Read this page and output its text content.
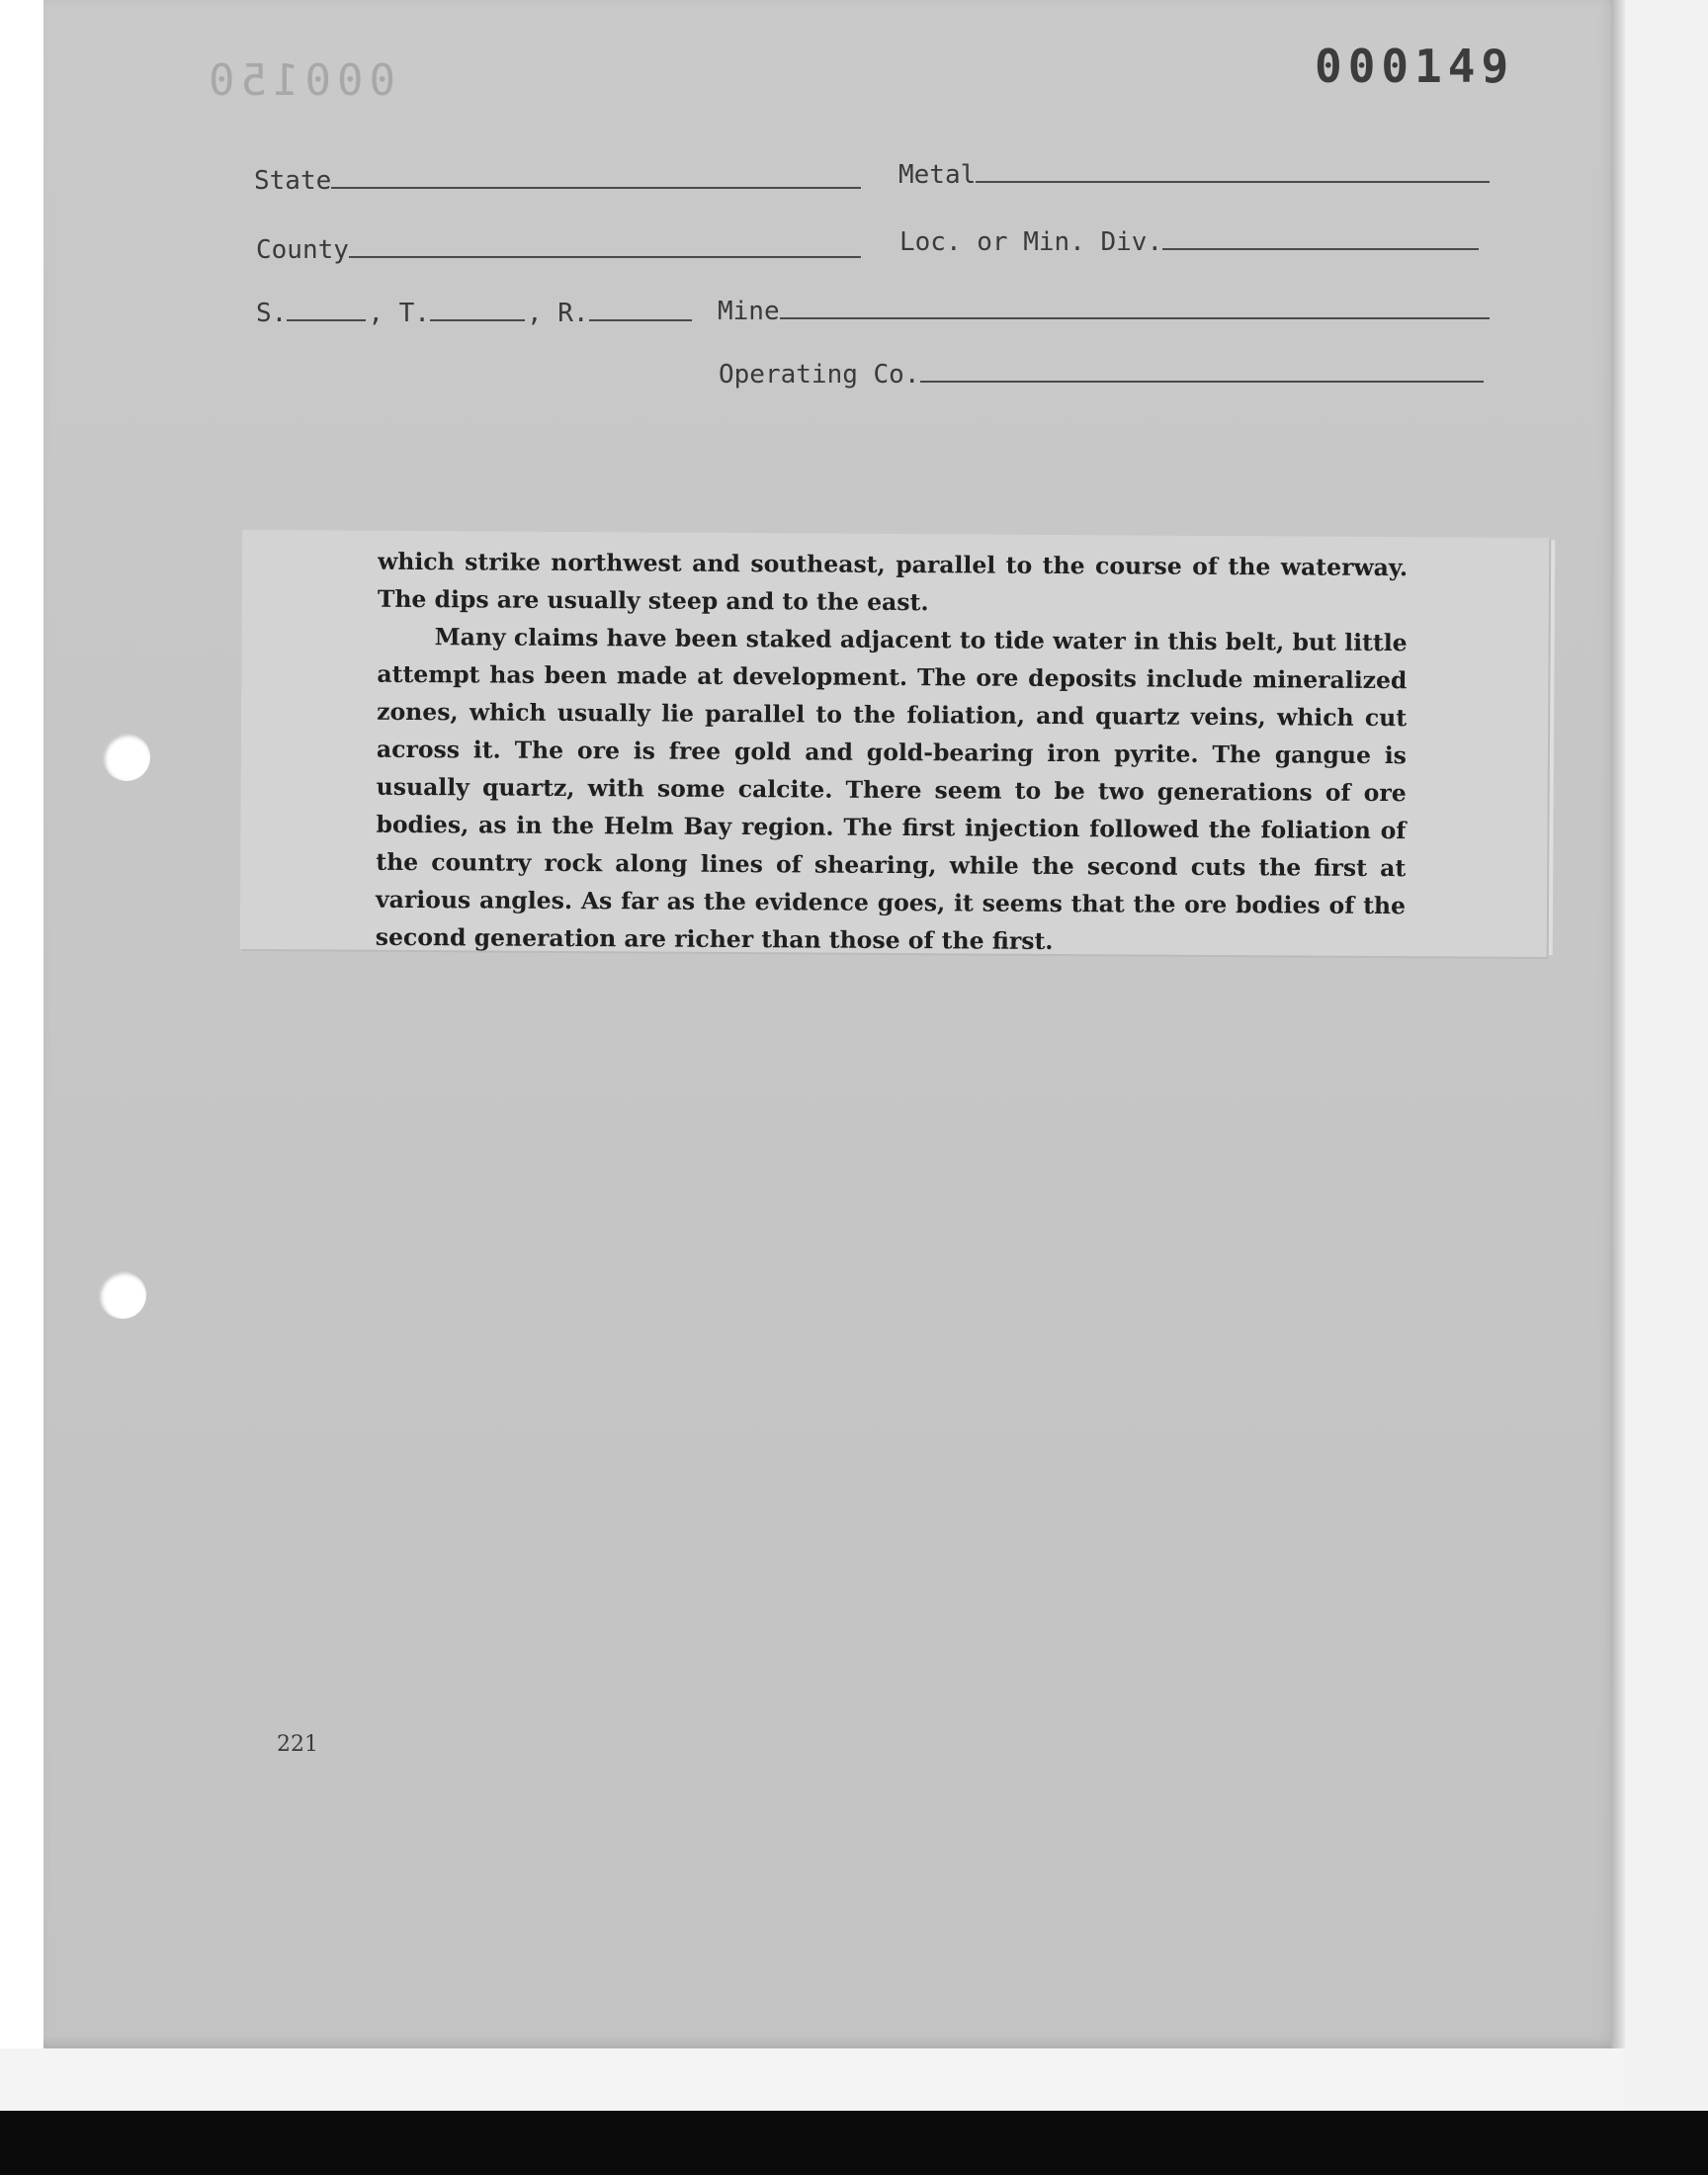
000150	000149
State	Metal
County	Loc. or Min. Div.
S.	, T.	, R.	Mine
Operating Co.

which strike northwest and southeast, parallel to the course of the waterway. The dips are usually steep and to the east.

Many claims have been staked adjacent to tide water in this belt, but little attempt has been made at development. The ore deposits include mineralized zones, which usually lie parallel to the foliation, and quartz veins, which cut across it. The ore is free gold and gold-bearing iron pyrite. The gangue is usually quartz, with some calcite. There seem to be two generations of ore bodies, as in the Helm Bay region. The first injection followed the foliation of the country rock along lines of shearing, while the second cuts the first at various angles. As far as the evidence goes, it seems that the ore bodies of the second generation are richer than those of the first.

221
